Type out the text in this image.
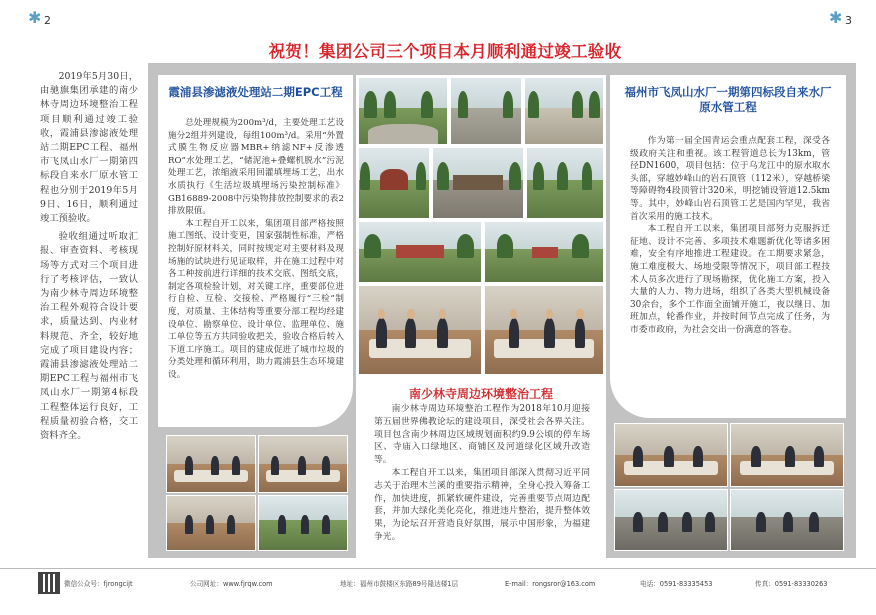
✱ 2	3
✱
祝贺！集团公司三个项目本月顺利通过竣工验收

2019年5月30日，由驰旗集团承建的南少林寺周边环境整治工程项目顺利通过竣工验收，霞浦县渗滤液处理站二期EPC工程、福州市飞凤山水厂一期第四标段自来水厂原水管工程也分别于2019年5月9日、16日，顺利通过竣工预验收。

验收组通过听取汇报、审查资料、考核现场等方式对三个项目进行了考核评估，一致认为南少林寺周边环境整治工程外观符合设计要求，质量达到、内业材料规范、齐全，较好地完成了项目建设内容；霞浦县渗滤液处理站二期EPC工程与福州市飞凤山水厂一期第4标段工程整体运行良好，工程质量初验合格，交工资料齐全。

霞浦县渗滤液处理站二期EPC工程

总处理规模为200m³/d，主要处理工艺设施分2组并列建设，每组100m³/d。采用“外置式膜生物反应器MBR+纳滤NF+反渗透RO”水处理工艺，“储泥池+叠螺机脱水”污泥处理工艺，浓缩液采用回灌填埋场工艺，出水水质执行《生活垃圾填埋场污染控制标准》GB16889-2008中污染物排放控制要求的表2排放限值。

本工程自开工以来，集团项目部严格按照施工图纸、设计变更，国家强制性标准，严格控制好原材料关，同时按规定对主要材料及现场施的试块进行见证取样，并在施工过程中对各工种按前进行详细的技术交底、图纸交底，制定各项检验计划，对关键工序，重要部位进行自检、互检、交接检、严格履行“三检”制度，对质量、主体结构等重要分部工程均经建设单位、勘察单位、设计单位、监理单位、施工单位等五方共同验收把关，验收合格后转入下道工序施工。项目的建成促进了城市垃圾的分类处理和循环利用，助力霞浦县生态环境建设。

南少林寺周边环境整治工程

南少林寺周边环境整治工程作为2018年10月迎接第五届世界佛教论坛的建设项目，深受社会各界关注。项目包含南少林周边区域规划面积约9.9公顷的停车场区、寺庙入口绿地区、商铺区及河道绿化区域升改造等。

本工程自开工以来，集团项目部深入贯彻习近平同志关于治理木兰溪的重要指示精神，全身心投入筹备工作，加快进度，抓紧软硬件建设，完善重要节点周边配套，并加大绿化美化亮化，推进违片整治，提升整体效果，为论坛召开营造良好氛围，展示中国形象，为福建争光。

福州市飞凤山水厂一期第四标段自来水厂原水管工程

作为第一届全国青运会重点配套工程，深受各级政府关注和重视。该工程管道总长为13km，管径DN1600，项目包括：位于乌龙江中的原水取水头部，穿越妙峰山的岩石顶管（112米），穿越桥梁等障碍物4段顶管计320米，明挖铺设管道12.5km等。其中，妙峰山岩石顶管工艺是国内罕见，我省首次采用的施工技术。

本工程自开工以来，集团项目部努力克服拆迁征地、设计不完善、多项技术难题新优化等诸多困难，安全有序地推进工程建设。在工期要求紧急，施工难度极大、场地受限等情况下，项目部工程技术人员多次进行了现场勘探，优化施工方案，投入大量的人力、物力进场，组织了各类大型机械设备30余台，多个工作面全面铺开施工，夜以继日、加班加点，轮番作业，并按时间节点完成了任务，为市委市政府，为社会交出一份满意的答卷。

微信公众号：fjrongcijt	公司网址：www.fjrqw.com	地址：福州市鼓楼区东路89号隆达楼1层	E-mail：rongsror@163.com	电话：0591-83335453	传真：0591-83330263
